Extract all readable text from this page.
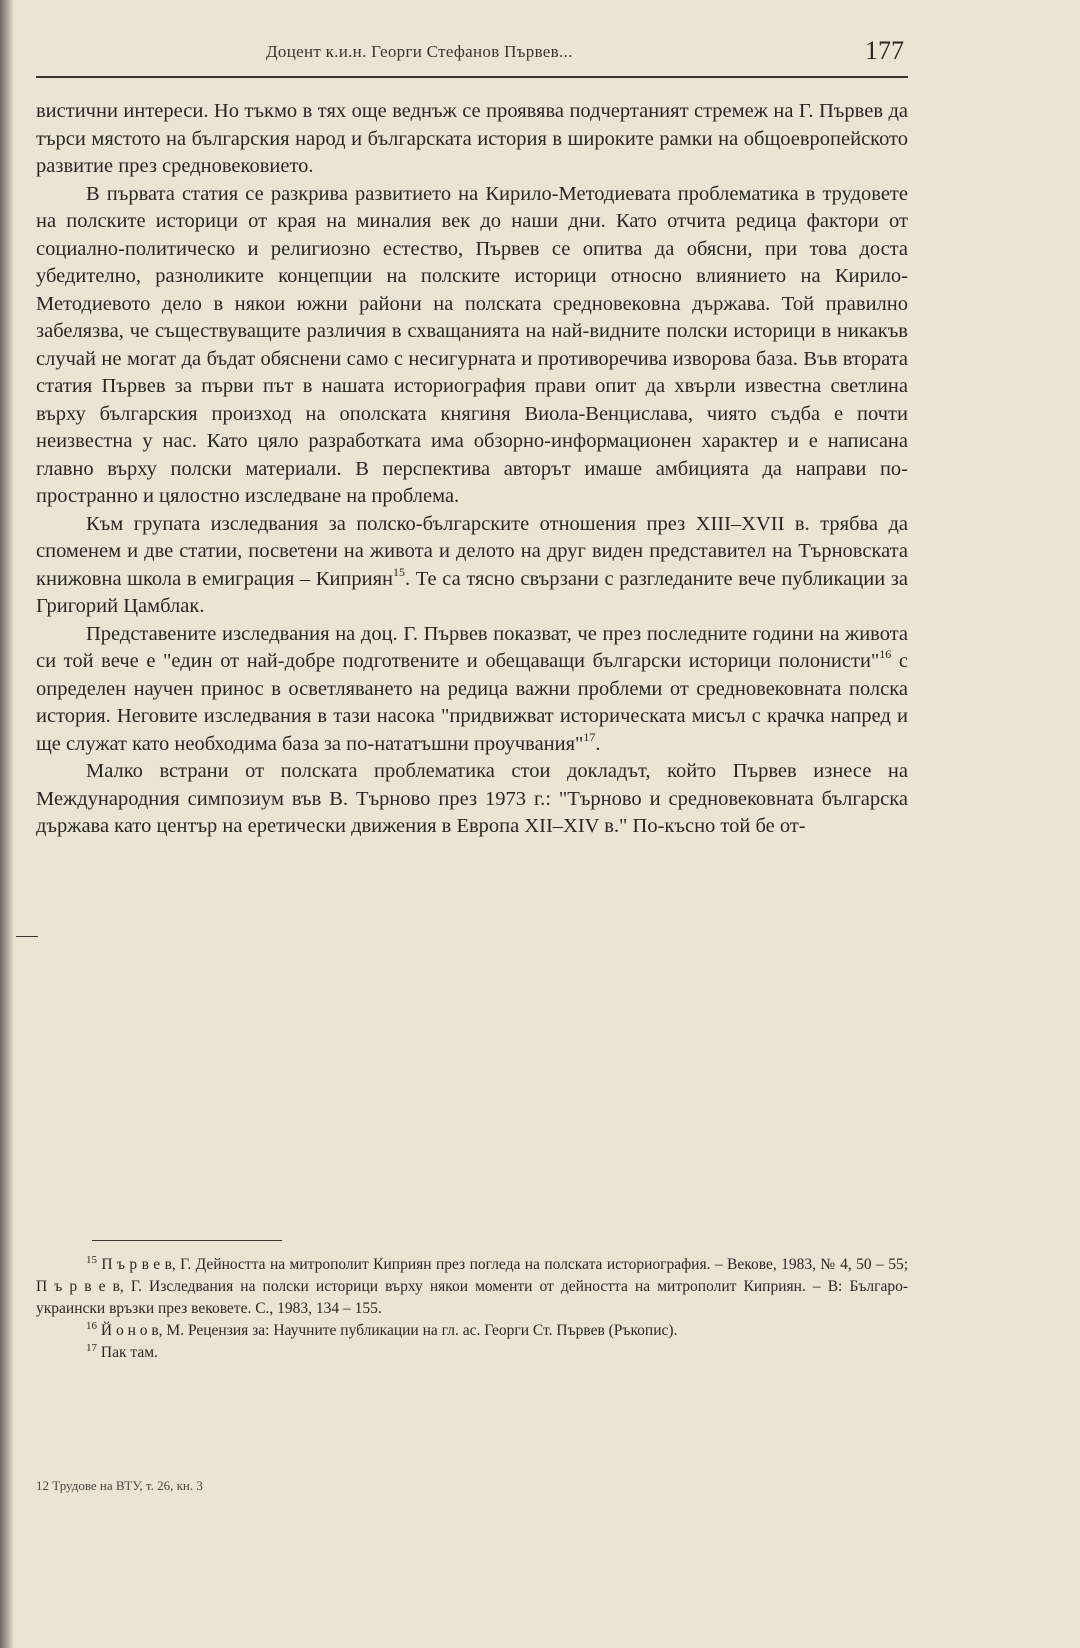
Доцент к.и.н. Георги Стефанов Първев...	177

вистични интереси. Но тъкмо в тях още веднъж се проявява подчертаният стремеж на Г. Първев да търси мястото на българския народ и българската история в широките рамки на общоевропейското развитие през средновековието.

В първата статия се разкрива развитието на Кирило-Методиевата проблематика в трудовете на полските историци от края на миналия век до наши дни. Като отчита редица фактори от социално-политическо и религиозно естество, Първев се опитва да обясни, при това доста убедително, разноликите концепции на полските историци относно влиянието на Кирило-Методиевото дело в някои южни райони на полската средновековна държава. Той правилно забелязва, че съществуващите различия в схващанията на най-видните полски историци в никакъв случай не могат да бъдат обяснени само с несигурната и противоречива изворова база. Във втората статия Първев за първи път в нашата историография прави опит да хвърли известна светлина върху българския произход на ополската княгиня Виола-Венцислава, чиято съдба е почти неизвестна у нас. Като цяло разработката има обзорно-информационен характер и е написана главно върху полски материали. В перспектива авторът имаше амбицията да направи по-пространно и цялостно изследване на проблема.

Към групата изследвания за полско-българските отношения през XIII–XVII в. трябва да споменем и две статии, посветени на живота и делото на друг виден представител на Търновската книжовна школа в емиграция – Киприян$^{15}$. Те са тясно свързани с разгледаните вече публикации за Григорий Цамблак.

Представените изследвания на доц. Г. Първев показват, че през последните години на живота си той вече е "един от най-добре подготвените и обещаващи български историци полонисти"$^{16}$ с определен научен принос в осветляването на редица важни проблеми от средновековната полска история. Неговите изследвания в тази насока "придвижват историческата мисъл с крачка напред и ще служат като необходима база за по-нататъшни проучвания"$^{17}$.

Малко встрани от полската проблематика стои докладът, който Първев изнесе на Международния симпозиум във В. Търново през 1973 г.: "Търново и средновековната българска държава като център на еретически движения в Европа XII–XIV в." По-късно той бе от-

$^{15}$ П ъ р в е в, Г. Дейността на митрополит Киприян през погледа на полската историография. – Векове, 1983, № 4, 50 – 55; П ъ р в е в, Г. Изследвания на полски историци върху някои моменти от дейността на митрополит Киприян. – В: Българо-украински връзки през вековете. С., 1983, 134 – 155.

$^{16}$ Й о н о в, М. Рецензия за: Научните публикации на гл. ас. Георги Ст. Първев (Ръкопис).

$^{17}$ Пак там.

12 Трудове на ВТУ, т. 26, кн. 3
